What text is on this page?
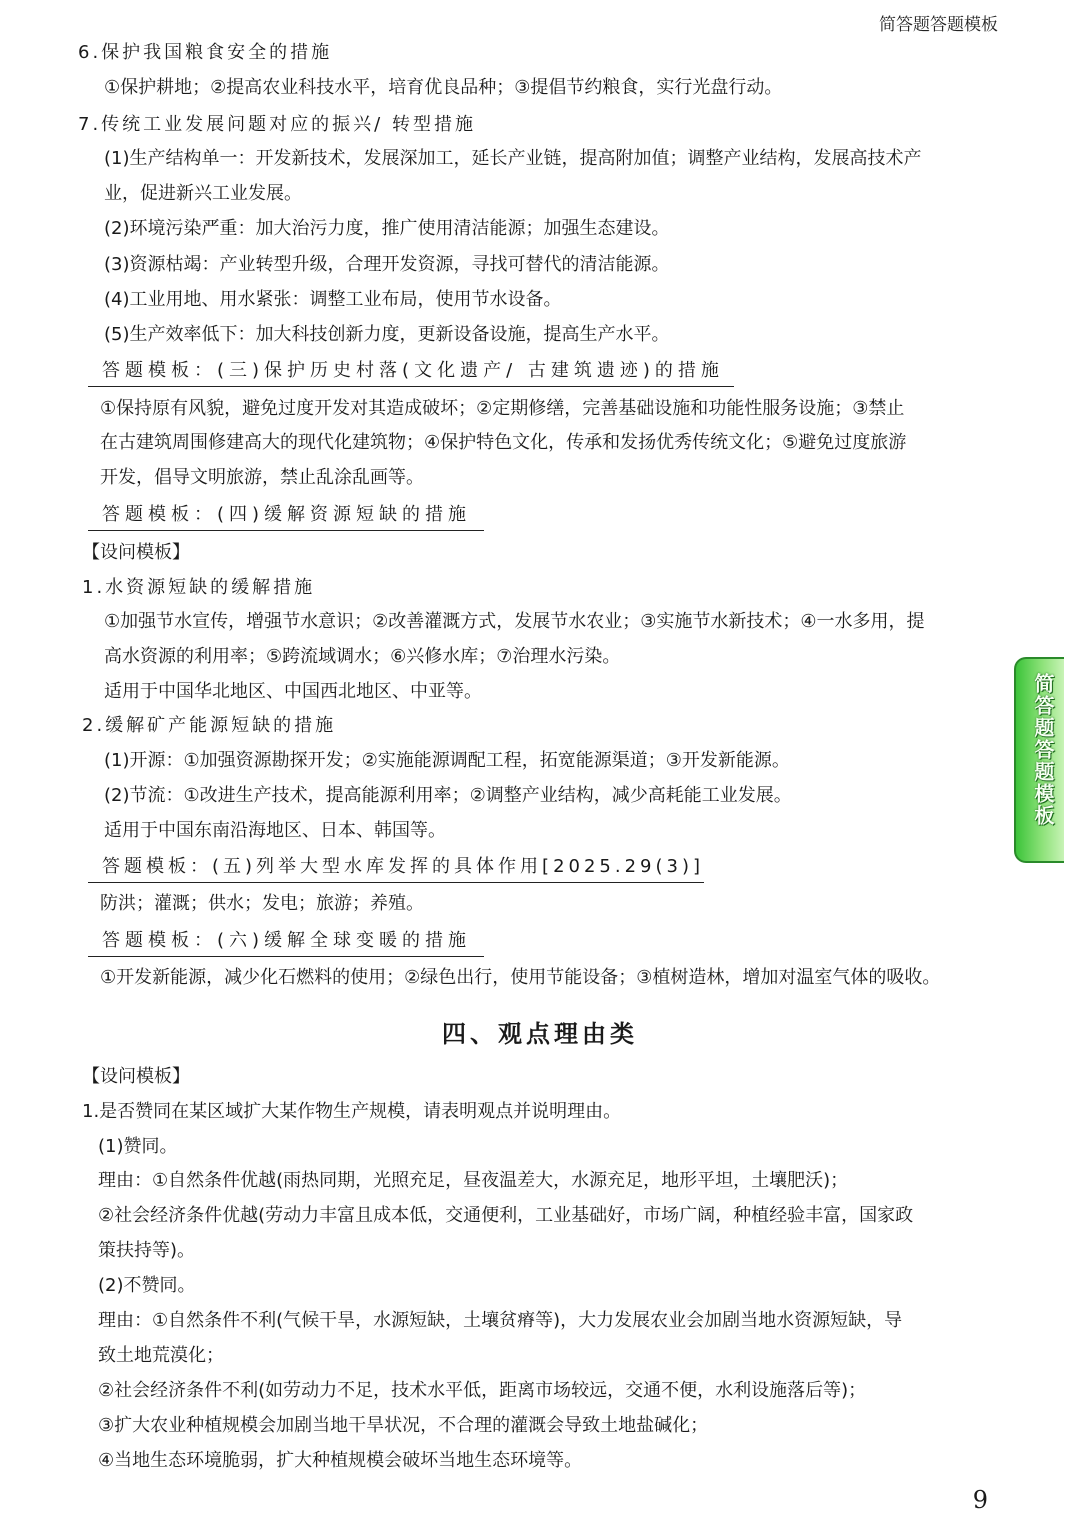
简答题答题模板
6.保护我国粮食安全的措施
①保护耕地；②提高农业科技水平，培育优良品种；③提倡节约粮食，实行光盘行动。
7.传统工业发展问题对应的振兴/ 转型措施
(1)生产结构单一：开发新技术，发展深加工，延长产业链，提高附加值；调整产业结构，发展高技术产
业，促进新兴工业发展。
(2)环境污染严重：加大治污力度，推广使用清洁能源；加强生态建设。
(3)资源枯竭：产业转型升级，合理开发资源，寻找可替代的清洁能源。
(4)工业用地、用水紧张：调整工业布局，使用节水设备。
(5)生产效率低下：加大科技创新力度，更新设备设施，提高生产水平。
答题模板：(三)保护历史村落(文化遗产/ 古建筑遗迹)的措施
①保持原有风貌，避免过度开发对其造成破坏；②定期修缮，完善基础设施和功能性服务设施；③禁止
在古建筑周围修建高大的现代化建筑物；④保护特色文化，传承和发扬优秀传统文化；⑤避免过度旅游
开发，倡导文明旅游，禁止乱涂乱画等。
答题模板：(四)缓解资源短缺的措施
【设问模板】
1.水资源短缺的缓解措施
①加强节水宣传，增强节水意识；②改善灌溉方式，发展节水农业；③实施节水新技术；④一水多用，提
高水资源的利用率；⑤跨流域调水；⑥兴修水库；⑦治理水污染。
适用于中国华北地区、中国西北地区、中亚等。
2.缓解矿产能源短缺的措施
(1)开源：①加强资源勘探开发；②实施能源调配工程，拓宽能源渠道；③开发新能源。
(2)节流：①改进生产技术，提高能源利用率；②调整产业结构，减少高耗能工业发展。
适用于中国东南沿海地区、日本、韩国等。
答题模板：(五)列举大型水库发挥的具体作用[2025.29(3)]
防洪；灌溉；供水；发电；旅游；养殖。
答题模板：(六)缓解全球变暖的措施
①开发新能源，减少化石燃料的使用；②绿色出行，使用节能设备；③植树造林，增加对温室气体的吸收。
四、观点理由类
【设问模板】
1.是否赞同在某区域扩大某作物生产规模，请表明观点并说明理由。
(1)赞同。
理由：①自然条件优越(雨热同期，光照充足，昼夜温差大，水源充足，地形平坦，土壤肥沃)；
②社会经济条件优越(劳动力丰富且成本低，交通便利，工业基础好，市场广阔，种植经验丰富，国家政
策扶持等)。
(2)不赞同。
理由：①自然条件不利(气候干旱，水源短缺，土壤贫瘠等)，大力发展农业会加剧当地水资源短缺，导
致土地荒漠化；
②社会经济条件不利(如劳动力不足，技术水平低，距离市场较远，交通不便，水利设施落后等)；
③扩大农业种植规模会加剧当地干旱状况，不合理的灌溉会导致土地盐碱化；
④当地生态环境脆弱，扩大种植规模会破坏当地生态环境等。
简答题答题模板
9
